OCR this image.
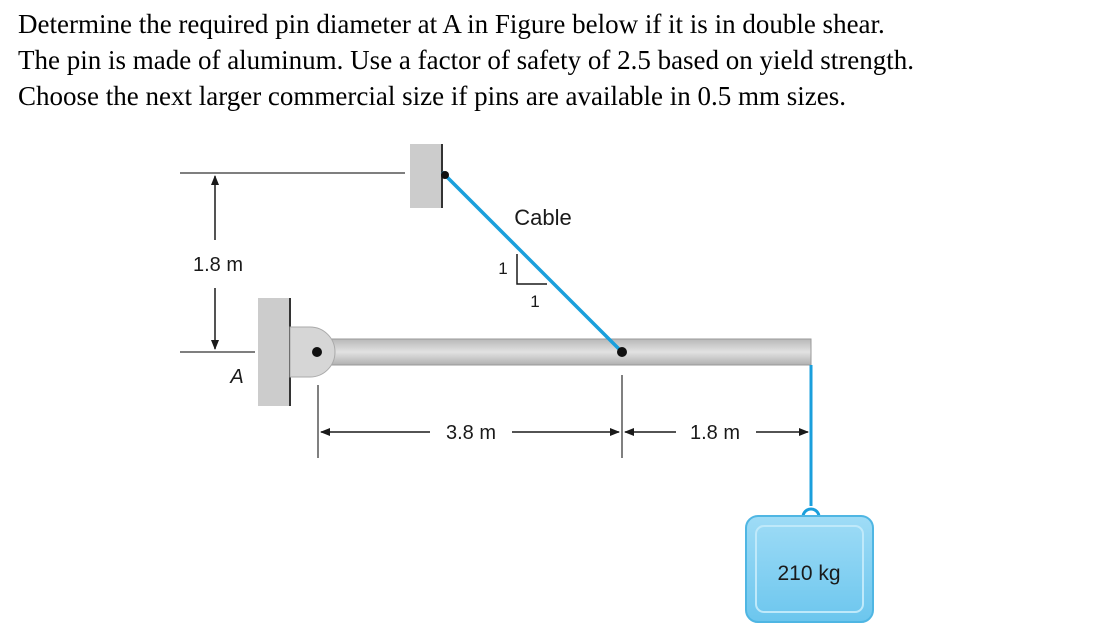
Determine the required pin diameter at A in Figure below if it is in double shear.

The pin is made of aluminum. Use a factor of safety of 2.5 based on yield strength.

Choose the next larger commercial size if pins are available in 0.5 mm sizes.

1.8 m
A
Cable
1
1
3.8 m	1.8 m
210 kg
